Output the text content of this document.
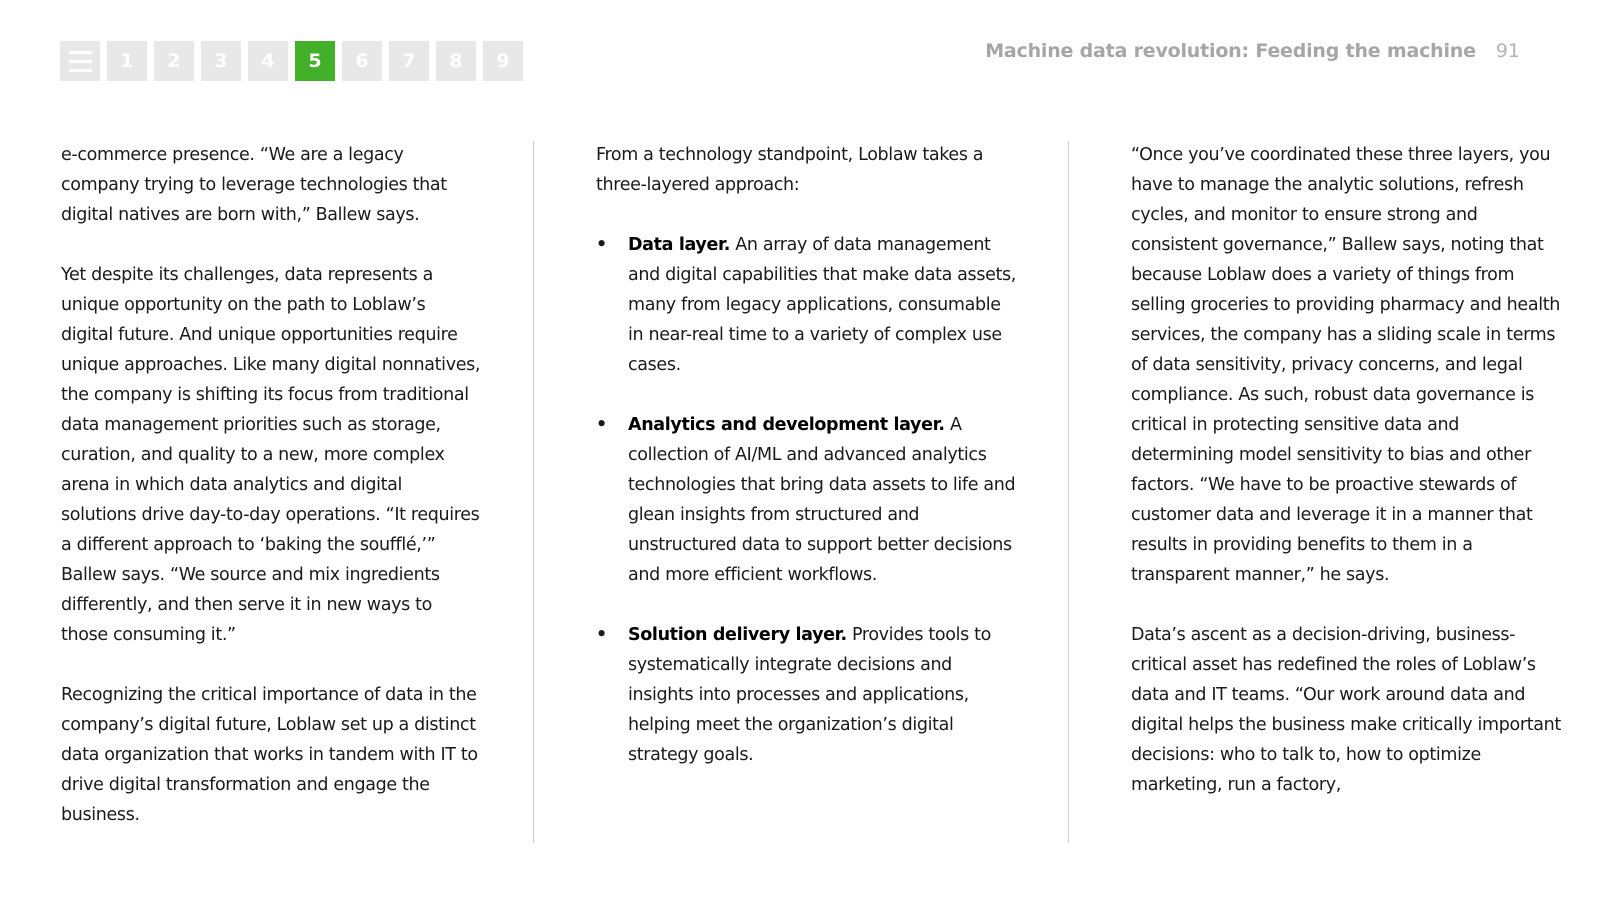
1	2	3	4	5	6	7	8	9	Machine data revolution: Feeding the machine 91

e-commerce presence. “We are a legacy company trying to leverage technologies that digital natives are born with,” Ballew says.

Yet despite its challenges, data represents a unique opportunity on the path to Loblaw’s digital future. And unique opportunities require unique approaches. Like many digital nonnatives, the company is shifting its focus from traditional data management priorities such as storage, curation, and quality to a new, more complex arena in which data analytics and digital solutions drive day-to-day operations. “It requires a different approach to ‘baking the soufflé,’” Ballew says. “We source and mix ingredients differently, and then serve it in new ways to those consuming it.”

Recognizing the critical importance of data in the company’s digital future, Loblaw set up a distinct data organization that works in tandem with IT to drive digital transformation and engage the business.

From a technology standpoint, Loblaw takes a three-layered approach:

• Data layer. An array of data management and digital capabilities that make data assets, many from legacy applications, consumable in near-real time to a variety of complex use cases.
• Analytics and development layer. A collection of AI/ML and advanced analytics technologies that bring data assets to life and glean insights from structured and unstructured data to support better decisions and more efficient workflows.
• Solution delivery layer. Provides tools to systematically integrate decisions and insights into processes and applications, helping meet the organization’s digital strategy goals.

“Once you’ve coordinated these three layers, you have to manage the analytic solutions, refresh cycles, and monitor to ensure strong and consistent governance,” Ballew says, noting that because Loblaw does a variety of things from selling groceries to providing pharmacy and health services, the company has a sliding scale in terms of data sensitivity, privacy concerns, and legal compliance. As such, robust data governance is critical in protecting sensitive data and determining model sensitivity to bias and other factors. “We have to be proactive stewards of customer data and leverage it in a manner that results in providing benefits to them in a transparent manner,” he says.

Data’s ascent as a decision-driving, business-critical asset has redefined the roles of Loblaw’s data and IT teams. “Our work around data and digital helps the business make critically important decisions: who to talk to, how to optimize marketing, run a factory,
